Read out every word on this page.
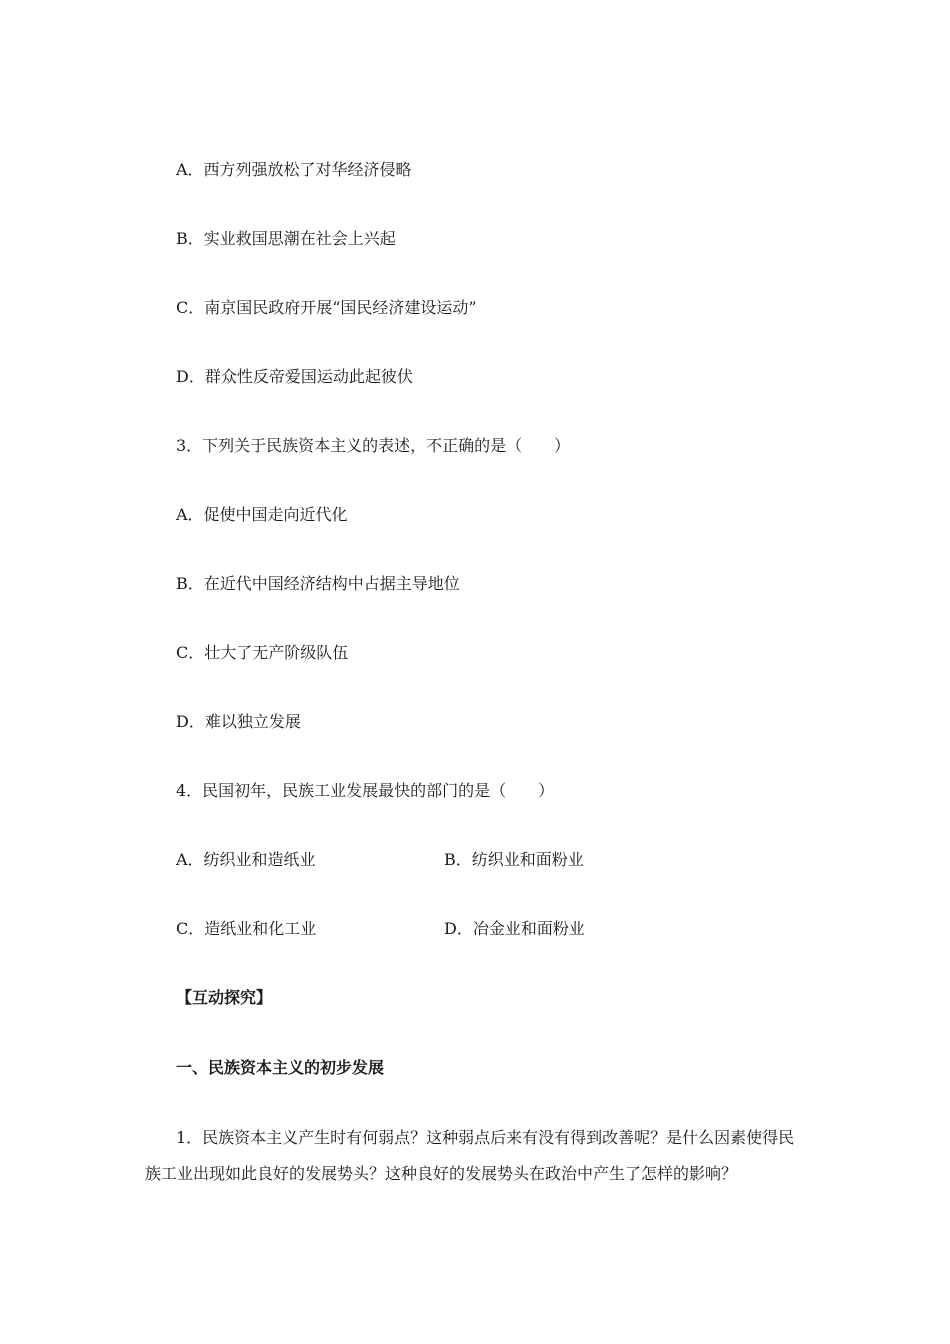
A．西方列强放松了对华经济侵略
B．实业救国思潮在社会上兴起
C．南京国民政府开展“国民经济建设运动”
D．群众性反帝爱国运动此起彼伏
3．下列关于民族资本主义的表述，不正确的是（　　）
A．促使中国走向近代化
B．在近代中国经济结构中占据主导地位
C．壮大了无产阶级队伍
D．难以独立发展
4．民国初年，民族工业发展最快的部门的是（　　）
A．纺织业和造纸业	B．纺织业和面粉业
C．造纸业和化工业	D．冶金业和面粉业
【互动探究】
一、民族资本主义的初步发展
1．民族资本主义产生时有何弱点？这种弱点后来有没有得到改善呢？是什么因素使得民族工业出现如此良好的发展势头？这种良好的发展势头在政治中产生了怎样的影响？
